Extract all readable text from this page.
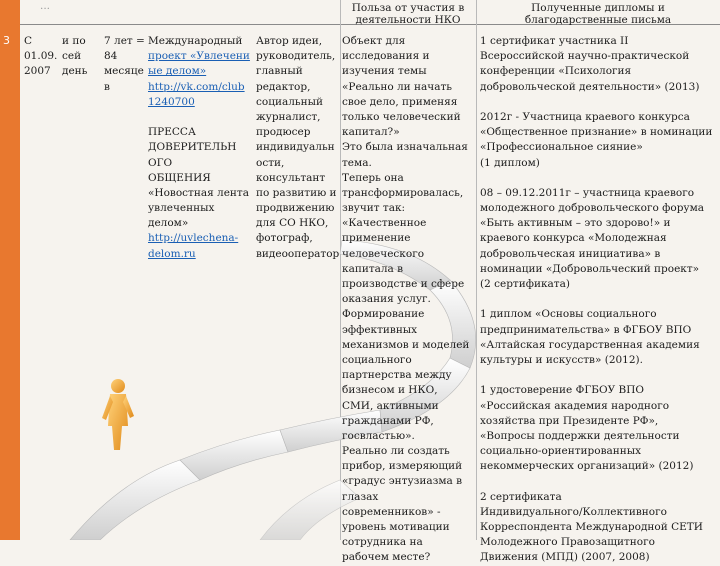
3
...	Польза от участия в
деятельности НКО
Полученные дипломы и
благодарственные письма
С
01.09.
2007
и по
сей
день
7 лет =
84
месяце
в
Международный
проект «Увлечени
ые делом»
http://vk.com/club
1240700
ПРЕССА
ДОВЕРИТЕЛЬН
ОГО
ОБЩЕНИЯ
«Новостная лента
увлеченных
делом»
http://uvlechena-
delom.ru
Автор идеи,
руководитель,
главный
редактор,
социальный
журналист,
продюсер
индивидуальн
ости,
консультант
по развитию и
продвижению
для СО НКО,
фотограф,
видеооператор
Объект для
исследования и
изучения темы
«Реально ли начать
свое дело, применяя
только человеческий
капитал?»
Это была изначальная
тема.
Теперь она
трансформировалась,
звучит так:
«Качественное
применение
человеческого
капитала в
производстве и сфере
оказания услуг.
Формирование
эффективных
механизмов и моделей
социального
партнерства между
бизнесом и НКО,
СМИ, активными
гражданами РФ,
госвластью».
Реально ли создать
прибор, измеряющий
«градус энтузиазма в
глазах
современников» -
уровень мотивации
сотрудника на
рабочем месте?
1 сертификат участника II
Всероссийской научно-практической
конференции «Психология
добровольческой деятельности» (2013)
2012г - Участница краевого конкурса
«Общественное признание» в номинации
«Профессиональное сияние»
(1 диплом)
08 – 09.12.2011г – участница краевого
молодежного добровольческого форума
«Быть активным – это здорово!» и
краевого конкурса «Молодежная
добровольческая инициатива» в
номинации «Добровольческий проект»
(2 сертификата)
1 диплом «Основы социального
предпринимательства» в ФГБОУ ВПО
«Алтайская государственная академия
культуры и искусств» (2012).
1 удостоверение ФГБОУ ВПО
«Российская академия народного
хозяйства при Президенте РФ»,
«Вопросы поддержки деятельности
социально-ориентированных
некоммерческих организаций» (2012)
2 сертификата
Индивидуального/Коллективного
Корреспондента Международной СЕТИ
Молодежного Правозащитного
Движения (МПД) (2007, 2008)
